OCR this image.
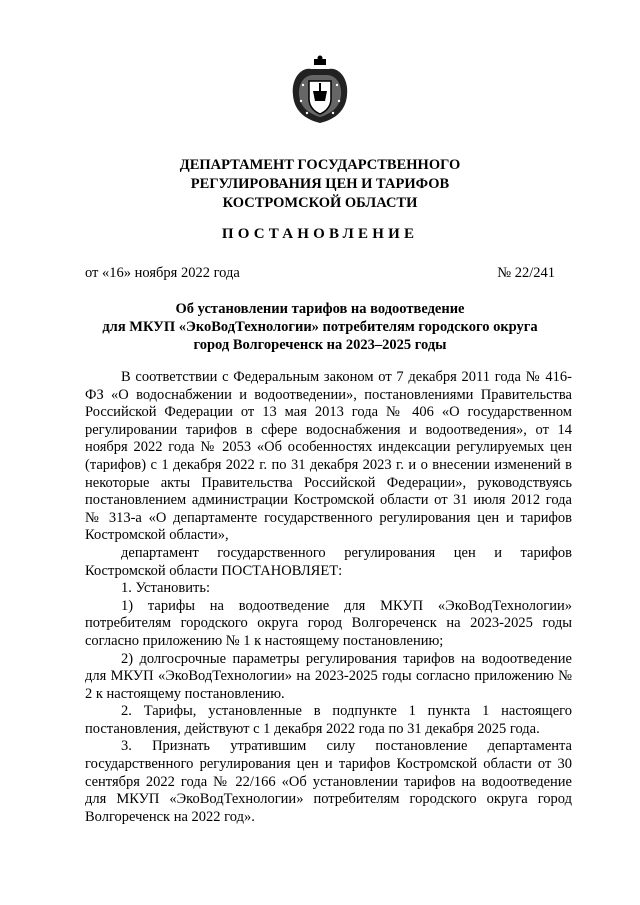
ДЕПАРТАМЕНТ ГОСУДАРСТВЕННОГО
РЕГУЛИРОВАНИЯ ЦЕН И ТАРИФОВ
КОСТРОМСКОЙ ОБЛАСТИ
ПОСТАНОВЛЕНИЕ
от «16» ноября 2022 года	№ 22/241
Об установлении тарифов на водоотведение
для МКУП «ЭкоВодТехнологии» потребителям городского округа
город Волгореченск на 2023–2025 годы

В соответствии с Федеральным законом от 7 декабря 2011 года № 416-ФЗ «О водоснабжении и водоотведении», постановлениями Правительства Российской Федерации от 13 мая 2013 года № 406 «О государственном регулировании тарифов в сфере водоснабжения и водоотведения», от 14 ноября 2022 года № 2053 «Об особенностях индексации регулируемых цен (тарифов) с 1 декабря 2022 г. по 31 декабря 2023 г. и о внесении изменений в некоторые акты Правительства Российской Федерации», руководствуясь постановлением администрации Костромской области от 31 июля 2012 года № 313-а «О департаменте государственного регулирования цен и тарифов Костромской области»,

департамент государственного регулирования цен и тарифов Костромской области ПОСТАНОВЛЯЕТ:

1. Установить:

1) тарифы на водоотведение для МКУП «ЭкоВодТехнологии» потребителям городского округа город Волгореченск на 2023-2025 годы согласно приложению № 1 к настоящему постановлению;

2) долгосрочные параметры регулирования тарифов на водоотведение для МКУП «ЭкоВодТехнологии» на 2023-2025 годы согласно приложению № 2 к настоящему постановлению.

2. Тарифы, установленные в подпункте 1 пункта 1 настоящего постановления, действуют с 1 декабря 2022 года по 31 декабря 2025 года.

3. Признать утратившим силу постановление департамента государственного регулирования цен и тарифов Костромской области от 30 сентября 2022 года № 22/166 «Об установлении тарифов на водоотведение для МКУП «ЭкоВодТехнологии» потребителям городского округа город Волгореченск на 2022 год».
